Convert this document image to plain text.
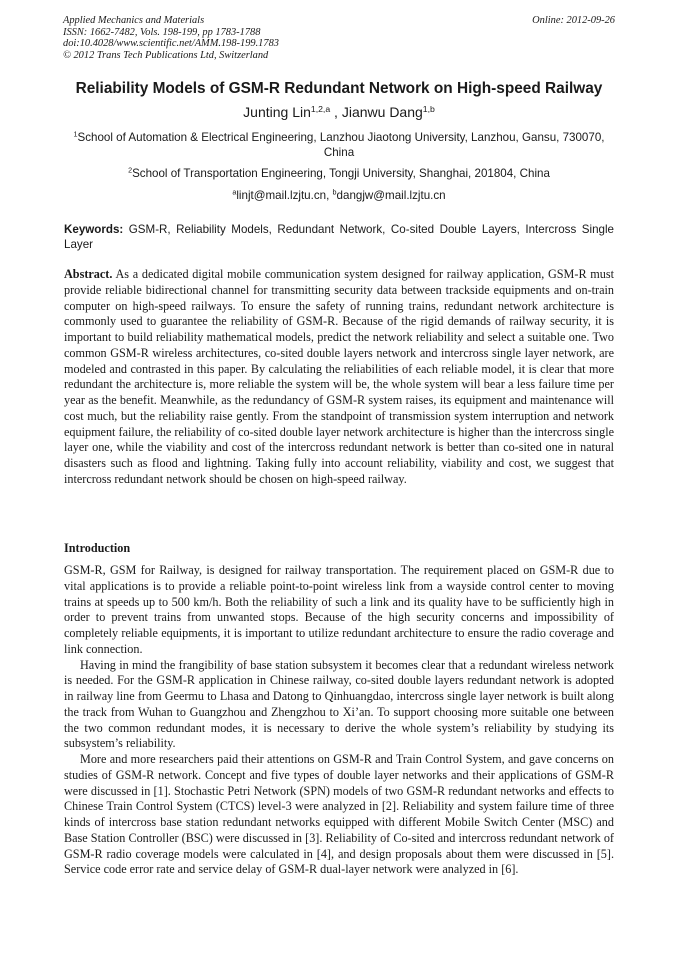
Applied Mechanics and Materials
ISSN: 1662-7482, Vols. 198-199, pp 1783-1788
doi:10.4028/www.scientific.net/AMM.198-199.1783
© 2012 Trans Tech Publications Ltd, Switzerland
Online: 2012-09-26
Reliability Models of GSM-R Redundant Network on High-speed Railway
Junting Lin$^{1,2,a}$ , Jianwu Dang$^{1,b}$
$^1$School of Automation & Electrical Engineering, Lanzhou Jiaotong University, Lanzhou, Gansu, 730070, China
$^2$School of Transportation Engineering, Tongji University, Shanghai, 201804, China
$^a$linjt@mail.lzjtu.cn, $^b$dangjw@mail.lzjtu.cn
Keywords: GSM-R, Reliability Models, Redundant Network, Co-sited Double Layers, Intercross Single Layer
Abstract. As a dedicated digital mobile communication system designed for railway application, GSM-R must provide reliable bidirectional channel for transmitting security data between trackside equipments and on-train computer on high-speed railways. To ensure the safety of running trains, redundant network architecture is commonly used to guarantee the reliability of GSM-R. Because of the rigid demands of railway security, it is important to build reliability mathematical models, predict the network reliability and select a suitable one. Two common GSM-R wireless architectures, co-sited double layers network and intercross single layer network, are modeled and contrasted in this paper. By calculating the reliabilities of each reliable model, it is clear that more redundant the architecture is, more reliable the system will be, the whole system will bear a less failure time per year as the benefit. Meanwhile, as the redundancy of GSM-R system raises, its equipment and maintenance will cost much, but the reliability raise gently. From the standpoint of transmission system interruption and network equipment failure, the reliability of co-sited double layer network architecture is higher than the intercross single layer one, while the viability and cost of the intercross redundant network is better than co-sited one in natural disasters such as flood and lightning. Taking fully into account reliability, viability and cost, we suggest that intercross redundant network should be chosen on high-speed railway.
Introduction

GSM-R, GSM for Railway, is designed for railway transportation. The requirement placed on GSM-R due to vital applications is to provide a reliable point-to-point wireless link from a wayside control center to moving trains at speeds up to 500 km/h. Both the reliability of such a link and its quality have to be sufficiently high in order to prevent trains from unwanted stops. Because of the high security concerns and impossibility of completely reliable equipments, it is important to utilize redundant architecture to ensure the radio coverage and link connection.

Having in mind the frangibility of base station subsystem it becomes clear that a redundant wireless network is needed. For the GSM-R application in Chinese railway, co-sited double layers redundant network is adopted in railway line from Geermu to Lhasa and Datong to Qinhuangdao, intercross single layer network is built along the track from Wuhan to Guangzhou and Zhengzhou to Xi’an. To support choosing more suitable one between the two common redundant modes, it is necessary to derive the whole system’s reliability by studying its subsystem’s reliability.

More and more researchers paid their attentions on GSM-R and Train Control System, and gave concerns on studies of GSM-R network. Concept and five types of double layer networks and their applications of GSM-R were discussed in [1]. Stochastic Petri Network (SPN) models of two GSM-R redundant networks and effects to Chinese Train Control System (CTCS) level-3 were analyzed in [2]. Reliability and system failure time of three kinds of intercross base station redundant networks equipped with different Mobile Switch Center (MSC) and Base Station Controller (BSC) were discussed in [3]. Reliability of Co-sited and intercross redundant network of GSM-R radio coverage models were calculated in [4], and design proposals about them were discussed in [5]. Service code error rate and service delay of GSM-R dual-layer network were analyzed in [6].
